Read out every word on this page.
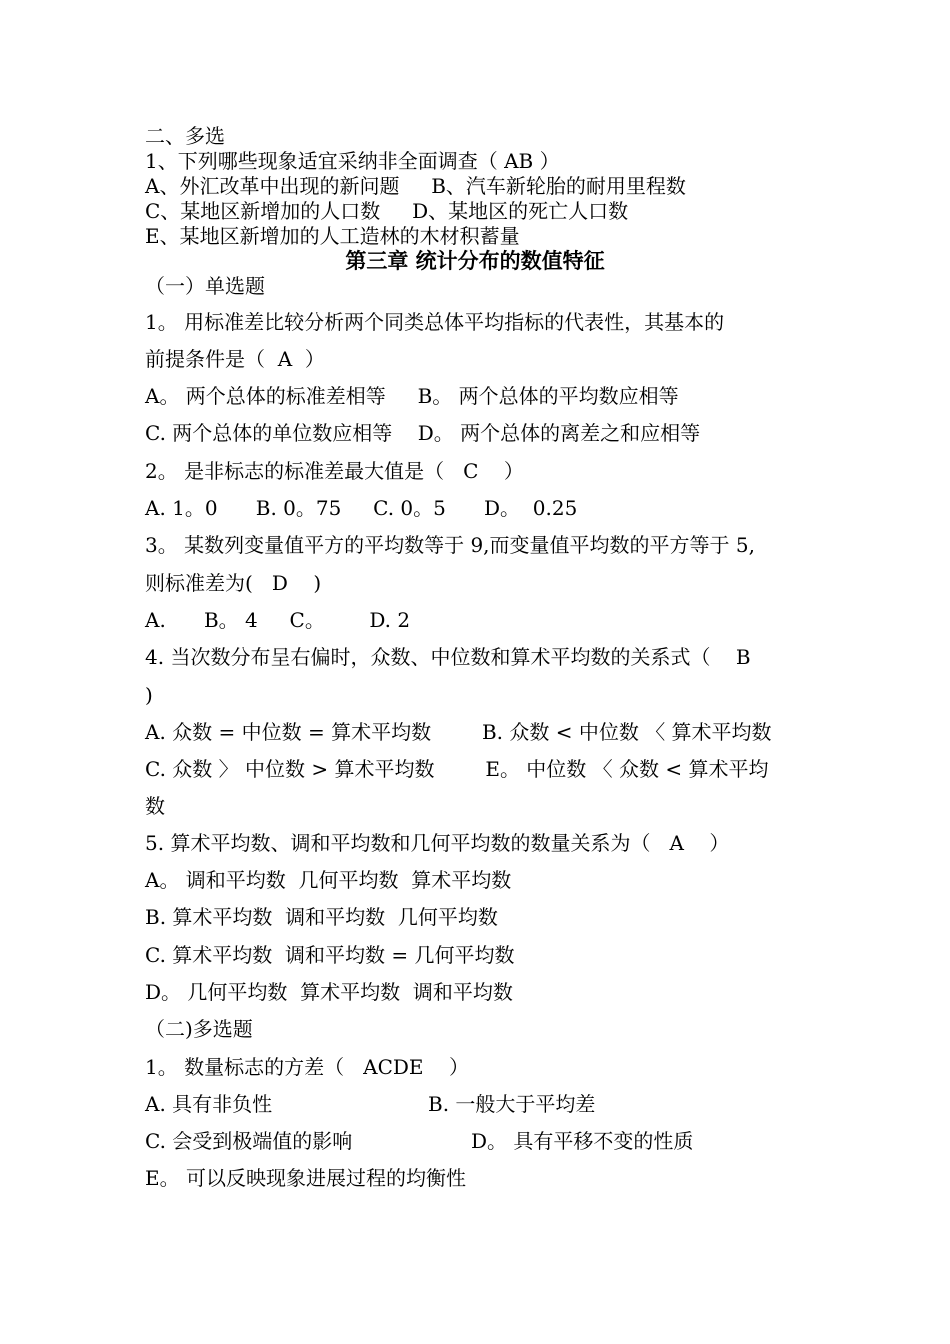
二、多选
1、下列哪些现象适宜采纳非全面调查（ AB ）
A、外汇改革中出现的新问题     B、汽车新轮胎的耐用里程数
C、某地区新增加的人口数     D、某地区的死亡人口数
E、某地区新增加的人工造林的木材积蓄量
第三章 统计分布的数值特征
（一）单选题
1。 用标准差比较分析两个同类总体平均指标的代表性，其基本的
前提条件是（  A  ）
A。 两个总体的标准差相等     B。 两个总体的平均数应相等
C. 两个总体的单位数应相等    D。 两个总体的离差之和应相等
2。 是非标志的标准差最大值是（   C    ）
A. 1。0      B. 0。75     C. 0。5      D。  0.25
3。 某数列变量值平方的平均数等于 9,而变量值平均数的平方等于 5,
则标准差为(   D    )
A.      B。 4     C。       D. 2
4. 当次数分布呈右偏时，众数、中位数和算术平均数的关系式（    B
)
A. 众数 = 中位数 = 算术平均数        B. 众数 < 中位数 〈 算术平均数
C. 众数 〉 中位数 > 算术平均数        E。 中位数 〈 众数 < 算术平均
数
5. 算术平均数、调和平均数和几何平均数的数量关系为（   A    ）
A。 调和平均数  几何平均数  算术平均数
B. 算术平均数  调和平均数  几何平均数
C. 算术平均数  调和平均数 = 几何平均数
D。 几何平均数  算术平均数  调和平均数
（二)多选题
1。 数量标志的方差（   ACDE    ）
A. 具有非负性	B. 一般大于平均差
C. 会受到极端值的影响	D。 具有平移不变的性质
E。 可以反映现象进展过程的均衡性
